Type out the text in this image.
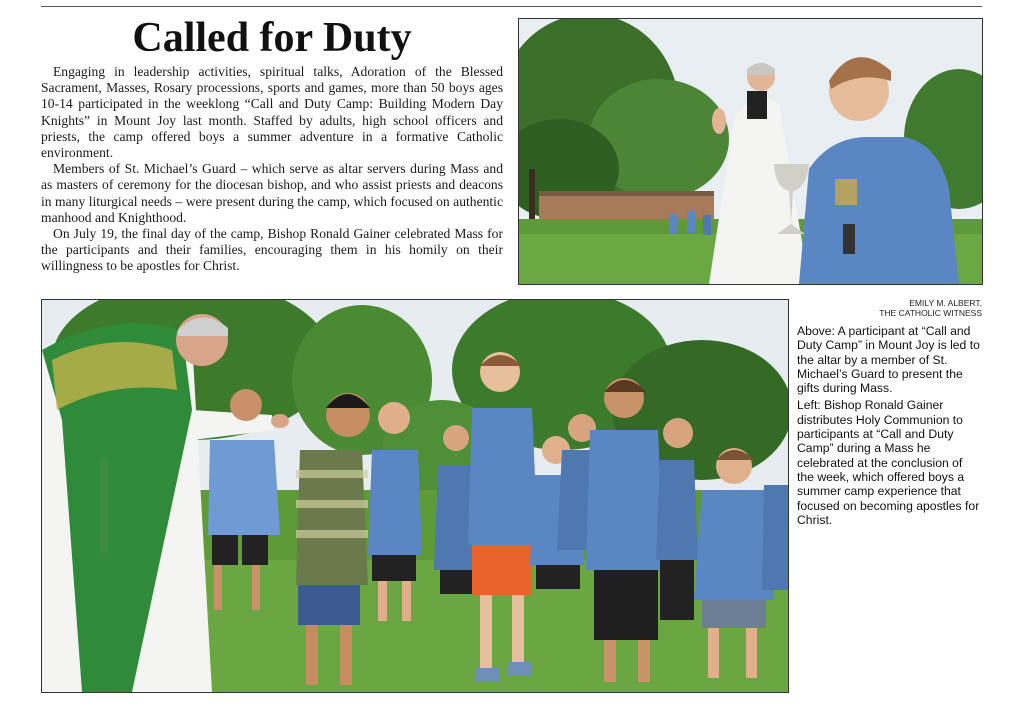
Called for Duty

Engaging in leadership activities, spiritual talks, Adoration of the Blessed Sacrament, Masses, Rosary processions, sports and games, more than 50 boys ages 10-14 participated in the weeklong “Call and Duty Camp: Building Modern Day Knights” in Mount Joy last month. Staffed by adults, high school officers and priests, the camp offered boys a summer adventure in a formative Catholic environment.

Members of St. Michael’s Guard – which serve as altar servers during Mass and as masters of ceremony for the diocesan bishop, and who assist priests and deacons in many liturgical needs – were present during the camp, which focused on authentic manhood and Knighthood.

On July 19, the final day of the camp, Bishop Ronald Gainer celebrated Mass for the participants and their families, encouraging them in his homily on their willingness to be apostles for Christ.

EMILY M. ALBERT,
THE CATHOLIC WITNESS

Above: A participant at “Call and Duty Camp” in Mount Joy is led to the altar by a member of St. Michael’s Guard to present the gifts during Mass.

Left: Bishop Ronald Gainer distributes Holy Communion to participants at “Call and Duty Camp” during a Mass he celebrated at the conclusion of the week, which offered boys a summer camp experience that focused on becoming apostles for Christ.
